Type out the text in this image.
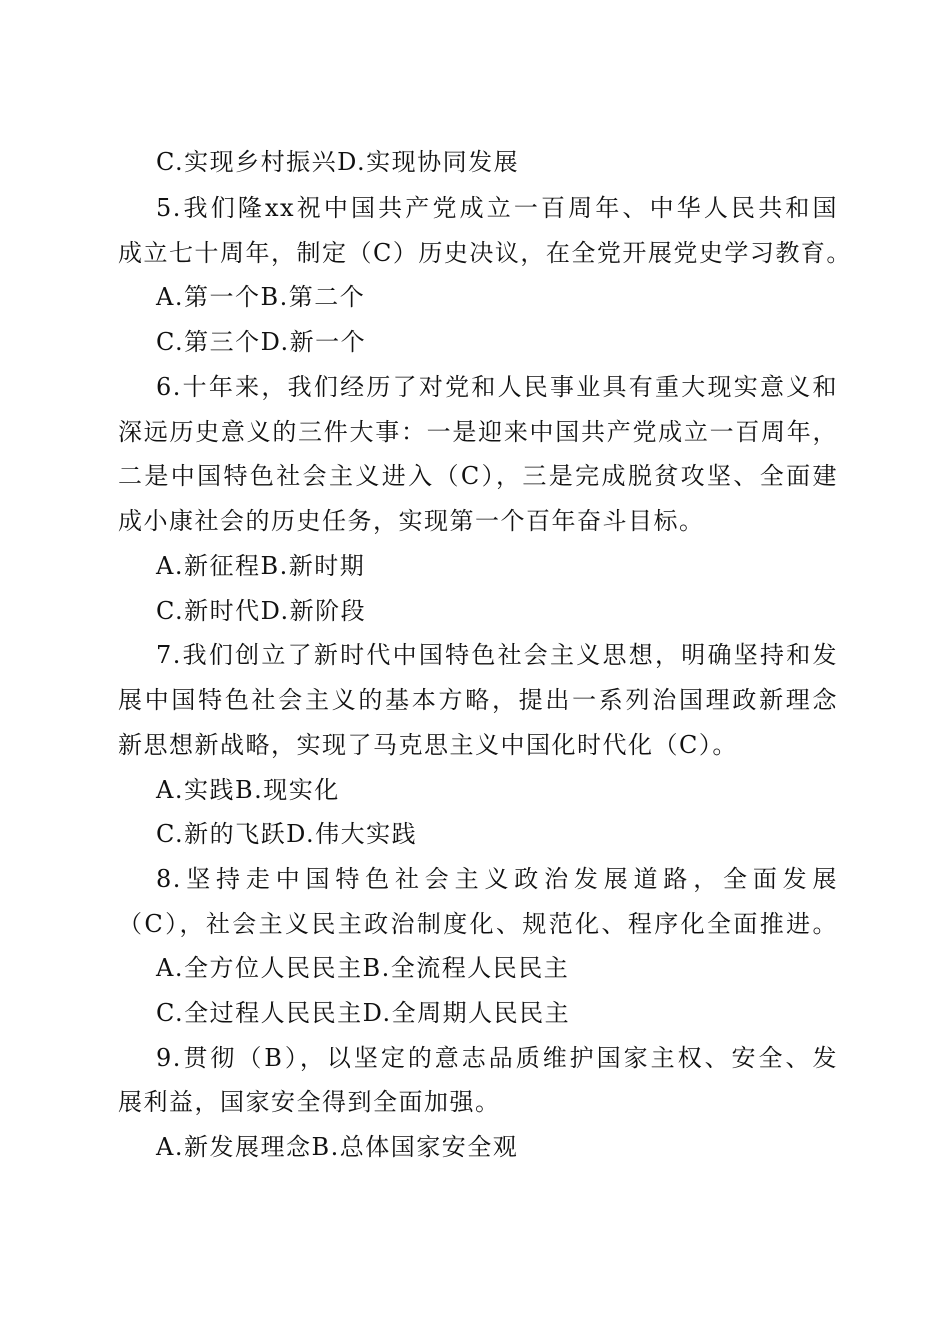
C.实现乡村振兴D.实现协同发展
5.我们隆xx祝中国共产党成立一百周年、中华人民共和国
成立七十周年，制定（C）历史决议，在全党开展党史学习教育。
A.第一个B.第二个
C.第三个D.新一个
6.十年来，我们经历了对党和人民事业具有重大现实意义和
深远历史意义的三件大事：一是迎来中国共产党成立一百周年，
二是中国特色社会主义进入（C），三是完成脱贫攻坚、全面建
成小康社会的历史任务，实现第一个百年奋斗目标。
A.新征程B.新时期
C.新时代D.新阶段
7.我们创立了新时代中国特色社会主义思想，明确坚持和发
展中国特色社会主义的基本方略，提出一系列治国理政新理念
新思想新战略，实现了马克思主义中国化时代化（C）。
A.实践B.现实化
C.新的飞跃D.伟大实践
8.坚持走中国特色社会主义政治发展道路，全面发展
（C），社会主义民主政治制度化、规范化、程序化全面推进。
A.全方位人民民主B.全流程人民民主
C.全过程人民民主D.全周期人民民主
9.贯彻（B），以坚定的意志品质维护国家主权、安全、发
展利益，国家安全得到全面加强。
A.新发展理念B.总体国家安全观
